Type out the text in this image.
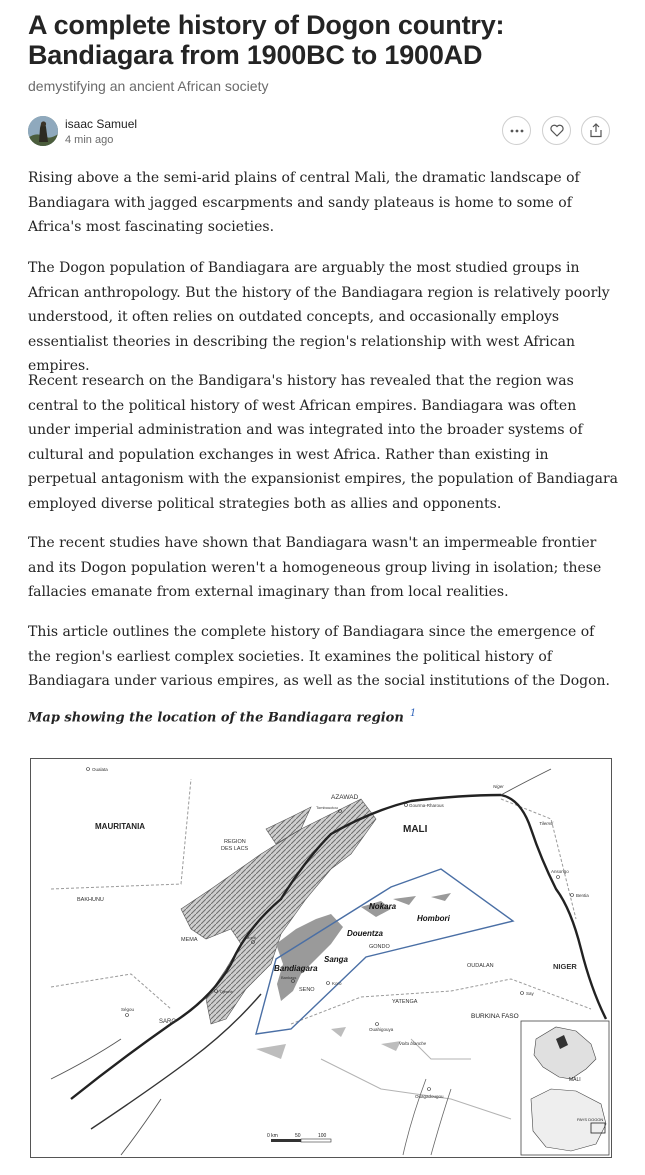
A complete history of Dogon country: Bandiagara from 1900BC to 1900AD

demystifying an ancient African society

isaac Samuel
4 min ago

Rising above a the semi-arid plains of central Mali, the dramatic landscape of Bandiagara with jagged escarpments and sandy plateaus is home to some of Africa's most fascinating societies.

The Dogon population of Bandiagara are arguably the most studied groups in African anthropology. But the history of the Bandiagara region is relatively poorly understood, it often relies on outdated concepts, and occasionally employs essentialist theories in describing the region's relationship with west African empires.

Recent research on the Bandigara's history has revealed that the region was central to the political history of west African empires. Bandiagara was often under imperial administration and was integrated into the broader systems of cultural and population exchanges in west Africa. Rather than existing in perpetual antagonism with the expansionist empires, the population of Bandiagara employed diverse political strategies both as allies and opponents.

The recent studies have shown that Bandiagara wasn't an impermeable frontier and its Dogon population weren't a homogeneous group living in isolation; these fallacies emanate from external imaginary than from local realities.

This article outlines the complete history of Bandiagara since the emergence of the region's earliest complex societies. It examines the political history of Bandiagara under various empires, as well as the social institutions of the Dogon.

Map showing the location of the Bandiagara region $^1$

MAURITANIA	MALI
AZAWAD
REGION
DES LACS
BAKHUNU
MEMA
SARO
Nokara
Hombori
Douentza
GONDO
Sanga
Bandiagara
SENO
YATENGA
OUDALAN	NIGER
BURKINA FASO
MALI
PAYS DOGON
0 km	50	100
Oualata
Gourma-Rharous
Niger
Tilemsi
Ansongo
Bentia
Say
Ouahigouya
Ouagadougou
Volta blanche
Ségou
Djenné
Koro
Bankass
Tombouctou
Mopti
